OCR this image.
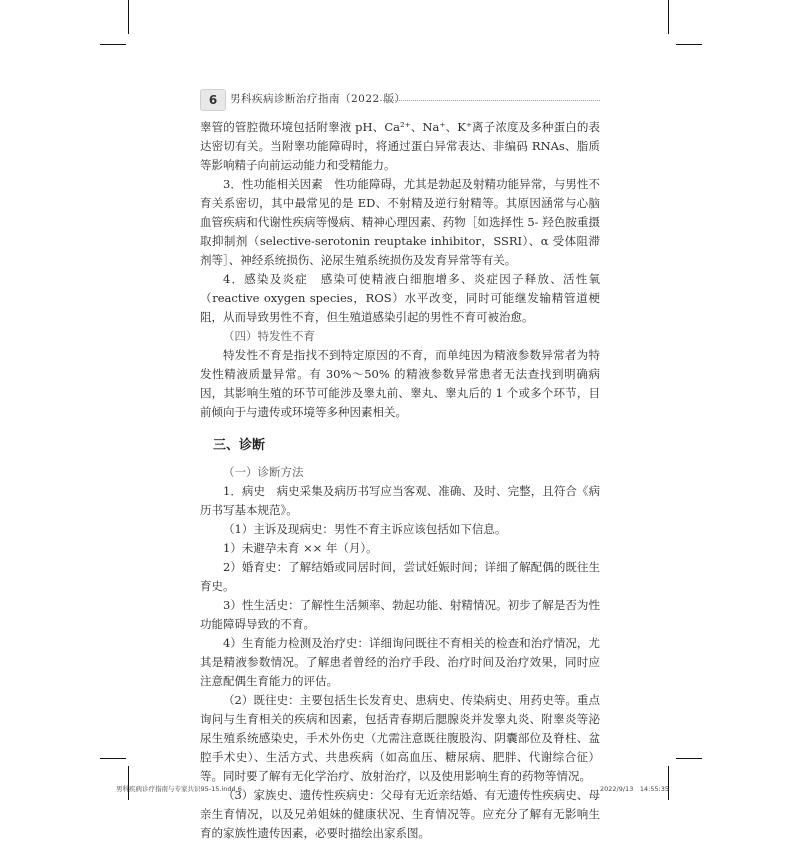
6	男科疾病诊断治疗指南（2022 版）

睾管的管腔微环境包括附睾液 pH、Ca²⁺、Na⁺、K⁺离子浓度及多种蛋白的表达密切有关。当附睾功能障碍时，将通过蛋白异常表达、非编码 RNAs、脂质等影响精子向前运动能力和受精能力。

3．性功能相关因素　性功能障碍，尤其是勃起及射精功能异常，与男性不育关系密切，其中最常见的是 ED、不射精及逆行射精等。其原因涵常与心脑血管疾病和代谢性疾病等慢病、精神心理因素、药物［如选择性 5- 羟色胺重摄取抑制剂（selective-serotonin reuptake inhibitor，SSRI）、α 受体阻滞剂等］、神经系统损伤、泌尿生殖系统损伤及发育异常等有关。

4．感染及炎症　感染可使精液白细胞增多、炎症因子释放、活性氧（reactive oxygen species，ROS）水平改变，同时可能继发输精管道梗阻，从而导致男性不育，但生殖道感染引起的男性不育可被治愈。

（四）特发性不育

特发性不育是指找不到特定原因的不育，而单纯因为精液参数异常者为特发性精液质量异常。有 30%～50% 的精液参数异常患者无法查找到明确病因，其影响生殖的环节可能涉及睾丸前、睾丸、睾丸后的 1 个或多个环节，目前倾向于与遗传或环境等多种因素相关。

三、诊断

（一）诊断方法

1．病史　病史采集及病历书写应当客观、准确、及时、完整，且符合《病历书写基本规范》。

（1）主诉及现病史：男性不育主诉应该包括如下信息。

1）未避孕未育 ×× 年（月）。

2）婚育史：了解结婚或同居时间，尝试妊娠时间；详细了解配偶的既往生育史。

3）性生活史：了解性生活频率、勃起功能、射精情况。初步了解是否为性功能障碍导致的不育。

4）生育能力检测及治疗史：详细询问既往不育相关的检查和治疗情况，尤其是精液参数情况。了解患者曾经的治疗手段、治疗时间及治疗效果，同时应注意配偶生育能力的评估。

（2）既往史：主要包括生长发育史、患病史、传染病史、用药史等。重点询问与生育相关的疾病和因素，包括青春期后腮腺炎并发睾丸炎、附睾炎等泌尿生殖系统感染史，手术外伤史（尤需注意既往腹股沟、阴囊部位及脊柱、盆腔手术史）、生活方式、共患疾病（如高血压、糖尿病、肥胖、代谢综合征）等。同时要了解有无化学治疗、放射治疗，以及使用影响生育的药物等情况。

（3）家族史、遗传性疾病史：父母有无近亲结婚、有无遗传性疾病史、母亲生育情况，以及兄弟姐妹的健康状况、生育情况等。应充分了解有无影响生育的家族性遗传因素，必要时描绘出家系图。

男科疾病诊疗指南与专家共识95-15.indd 6	2022/9/13　14:55:35
